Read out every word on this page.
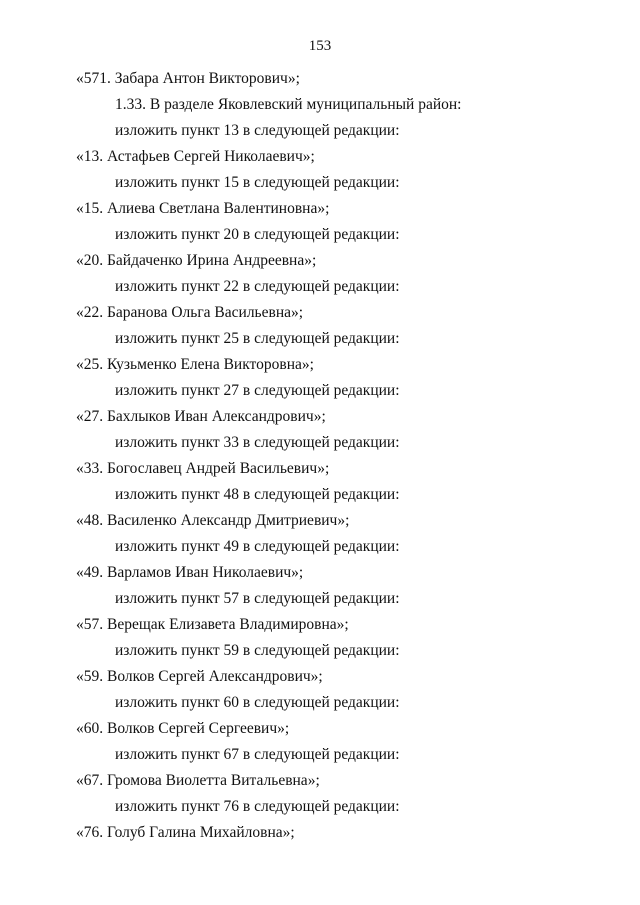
153
«571. Забара Антон Викторович»;
1.33. В разделе Яковлевский муниципальный район:
изложить пункт 13 в следующей редакции:
«13. Астафьев Сергей Николаевич»;
изложить пункт 15 в следующей редакции:
«15. Алиева Светлана Валентиновна»;
изложить пункт 20 в следующей редакции:
«20. Байдаченко Ирина Андреевна»;
изложить пункт 22 в следующей редакции:
«22. Баранова Ольга Васильевна»;
изложить пункт 25 в следующей редакции:
«25. Кузьменко Елена Викторовна»;
изложить пункт 27 в следующей редакции:
«27. Бахлыков Иван Александрович»;
изложить пункт 33 в следующей редакции:
«33. Богославец Андрей Васильевич»;
изложить пункт 48 в следующей редакции:
«48. Василенко Александр Дмитриевич»;
изложить пункт 49 в следующей редакции:
«49. Варламов Иван Николаевич»;
изложить пункт 57 в следующей редакции:
«57. Верещак Елизавета Владимировна»;
изложить пункт 59 в следующей редакции:
«59. Волков Сергей Александрович»;
изложить пункт 60 в следующей редакции:
«60. Волков Сергей Сергеевич»;
изложить пункт 67 в следующей редакции:
«67. Громова Виолетта Витальевна»;
изложить пункт 76 в следующей редакции:
«76. Голуб Галина Михайловна»;
